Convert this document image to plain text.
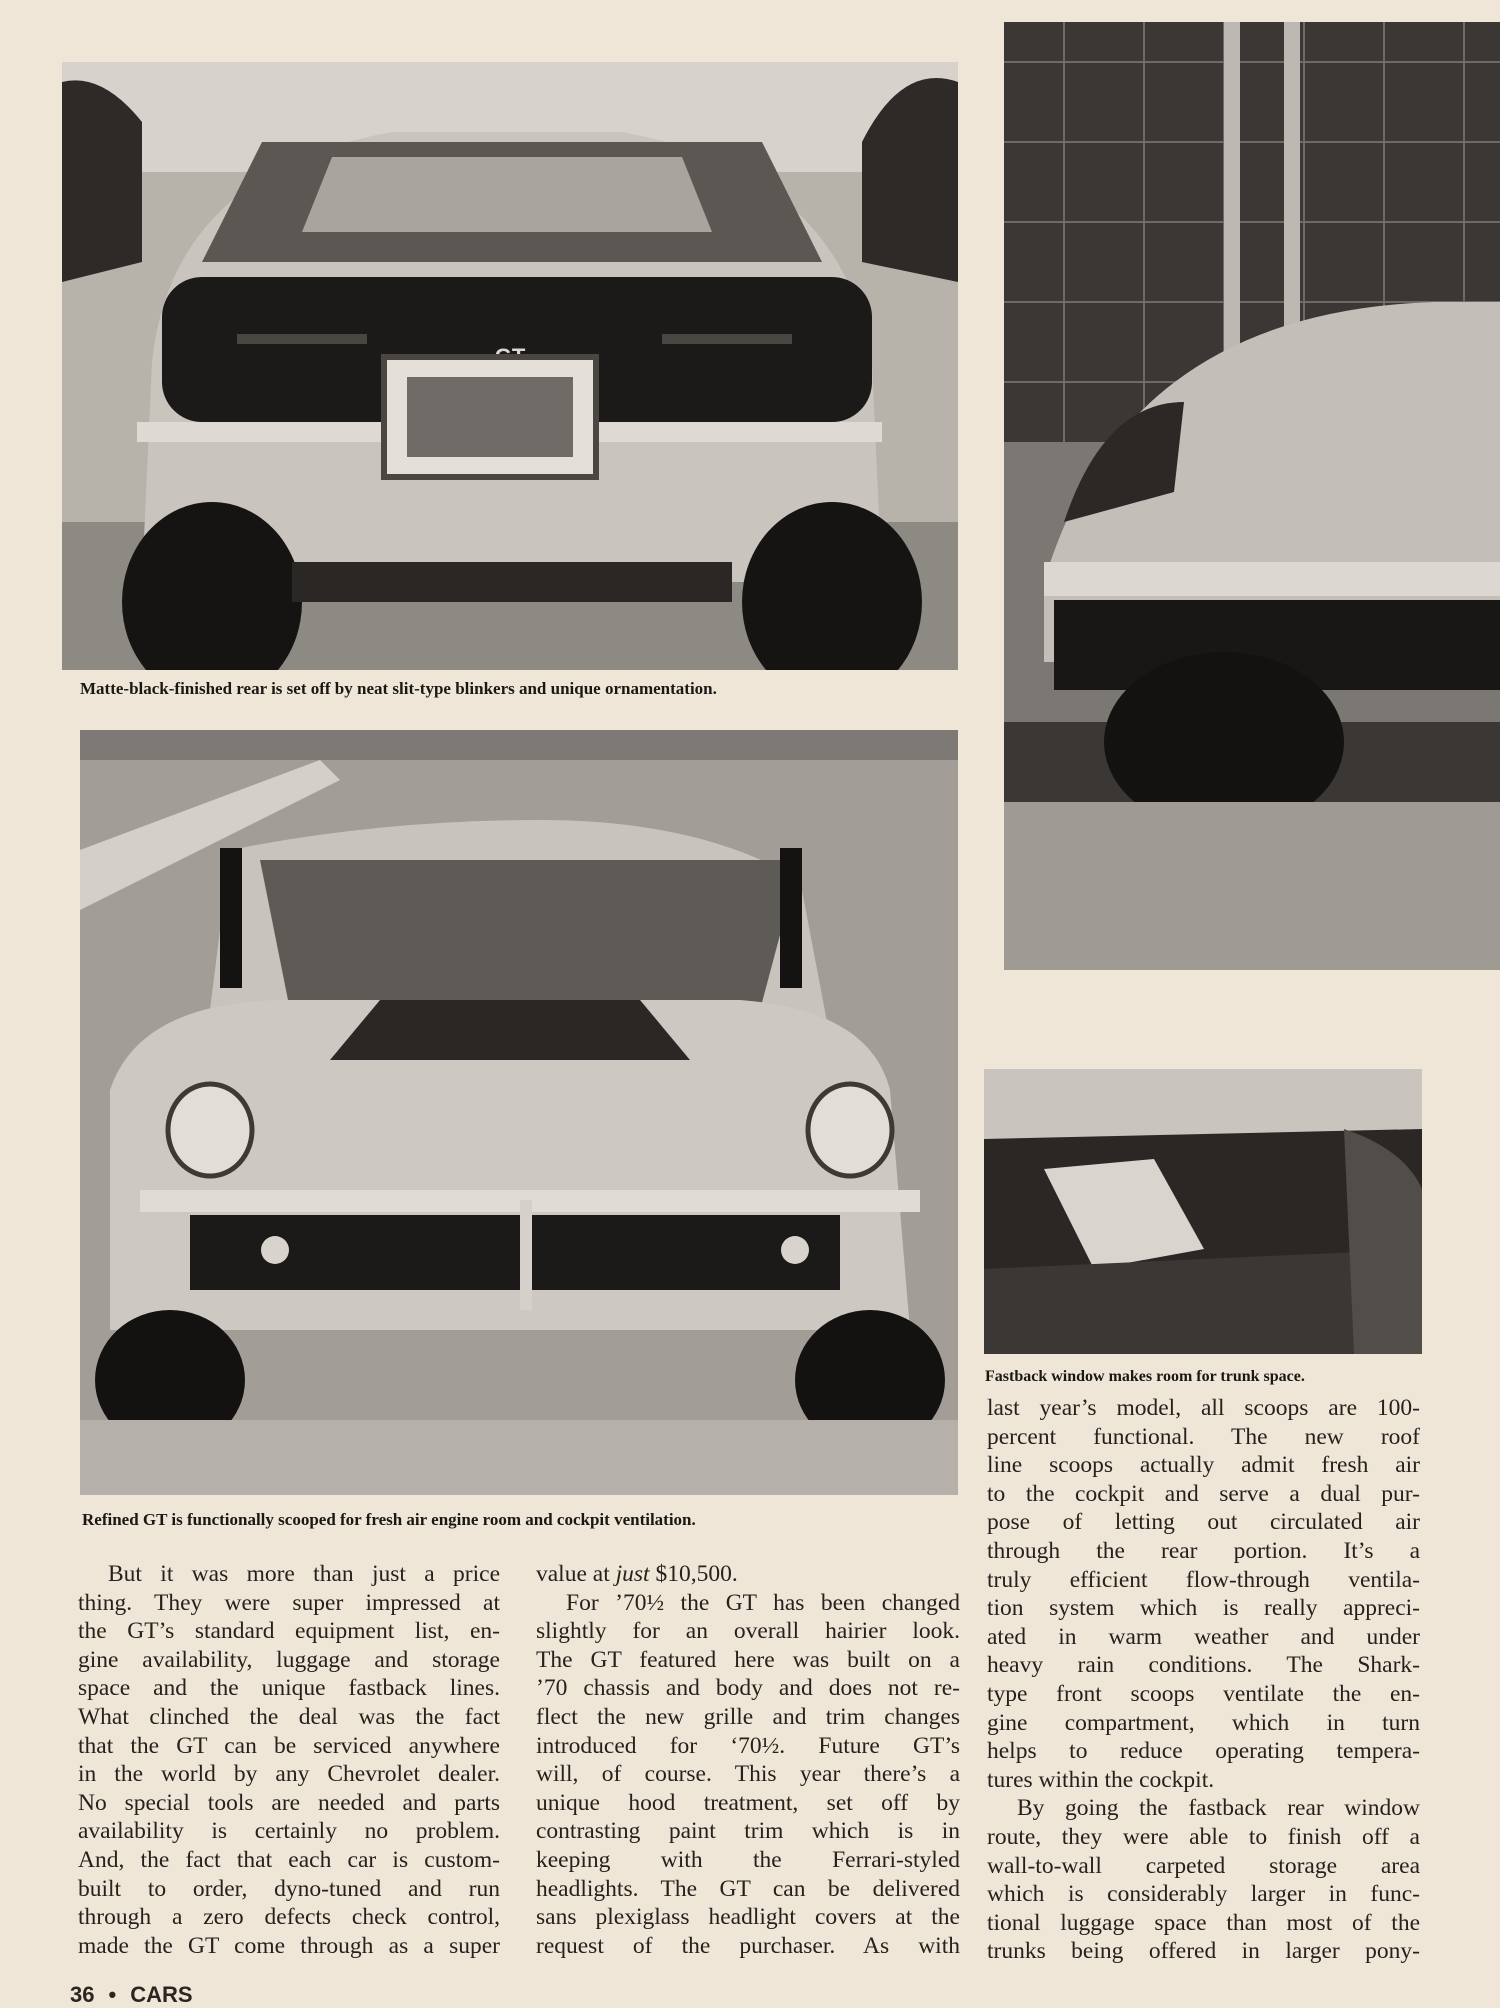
Matte-black-finished rear is set off by neat slit-type blinkers and unique ornamentation.
Refined GT is functionally scooped for fresh air engine room and cockpit ventilation.
Fastback window makes room for trunk space.

But it was more than just a price

thing. They were super impressed at

the GT’s standard equipment list, en-

gine availability, luggage and storage

space and the unique fastback lines.

What clinched the deal was the fact

that the GT can be serviced anywhere

in the world by any Chevrolet dealer.

No special tools are needed and parts

availability is certainly no problem.

And, the fact that each car is custom-

built to order, dyno-tuned and run

through a zero defects check control,

made the GT come through as a super

value at just $10,500.

For ’70½ the GT has been changed

slightly for an overall hairier look.

The GT featured here was built on a

’70 chassis and body and does not re-

flect the new grille and trim changes

introduced for ‘70½. Future GT’s

will, of course. This year there’s a

unique hood treatment, set off by

contrasting paint trim which is in

keeping with the Ferrari-styled

headlights. The GT can be delivered

sans plexiglass headlight covers at the

request of the purchaser. As with

last year’s model, all scoops are 100-

percent functional. The new roof

line scoops actually admit fresh air

to the cockpit and serve a dual pur-

pose of letting out circulated air

through the rear portion. It’s a

truly efficient flow-through ventila-

tion system which is really appreci-

ated in warm weather and under

heavy rain conditions. The Shark-

type front scoops ventilate the en-

gine compartment, which in turn

helps to reduce operating tempera-

tures within the cockpit.

By going the fastback rear window

route, they were able to finish off a

wall-to-wall carpeted storage area

which is considerably larger in func-

tional luggage space than most of the

trunks being offered in larger pony-

36 • CARS
